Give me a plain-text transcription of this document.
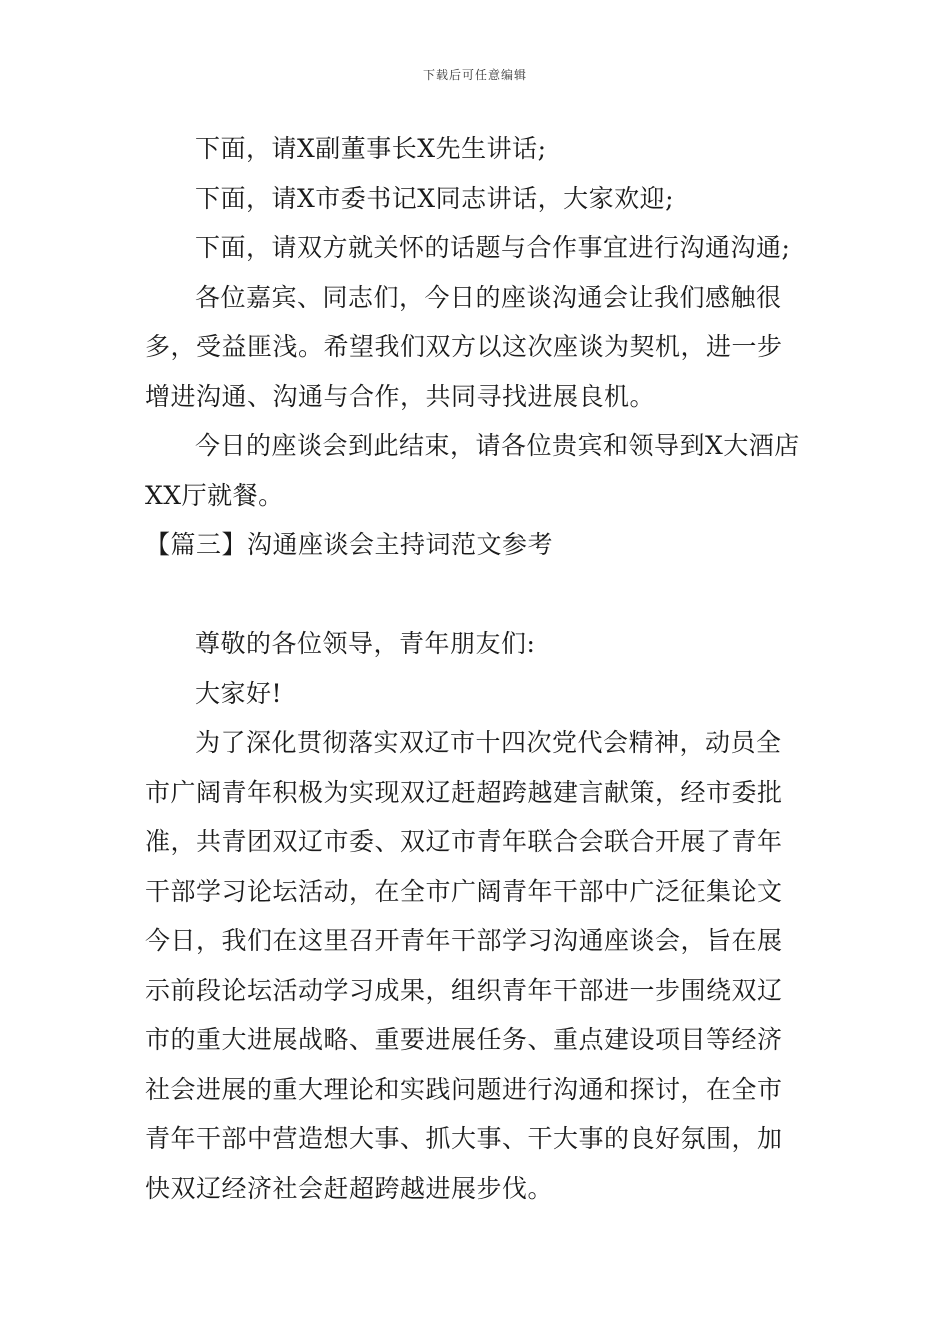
下载后可任意编辑
下面，请X副董事长X先生讲话;
下面，请X市委书记X同志讲话，大家欢迎;
下面，请双方就关怀的话题与合作事宜进行沟通沟通;
各位嘉宾、同志们，今日的座谈沟通会让我们感触很
多，受益匪浅。希望我们双方以这次座谈为契机，进一步
增进沟通、沟通与合作，共同寻找进展良机。
今日的座谈会到此结束，请各位贵宾和领导到X大酒店
XX厅就餐。
【篇三】沟通座谈会主持词范文参考
尊敬的各位领导，青年朋友们:
大家好!
为了深化贯彻落实双辽市十四次党代会精神，动员全
市广阔青年积极为实现双辽赶超跨越建言献策，经市委批
准，共青团双辽市委、双辽市青年联合会联合开展了青年
干部学习论坛活动，在全市广阔青年干部中广泛征集论文
今日，我们在这里召开青年干部学习沟通座谈会，旨在展
示前段论坛活动学习成果，组织青年干部进一步围绕双辽
市的重大进展战略、重要进展任务、重点建设项目等经济
社会进展的重大理论和实践问题进行沟通和探讨，在全市
青年干部中营造想大事、抓大事、干大事的良好氛围，加
快双辽经济社会赶超跨越进展步伐。
